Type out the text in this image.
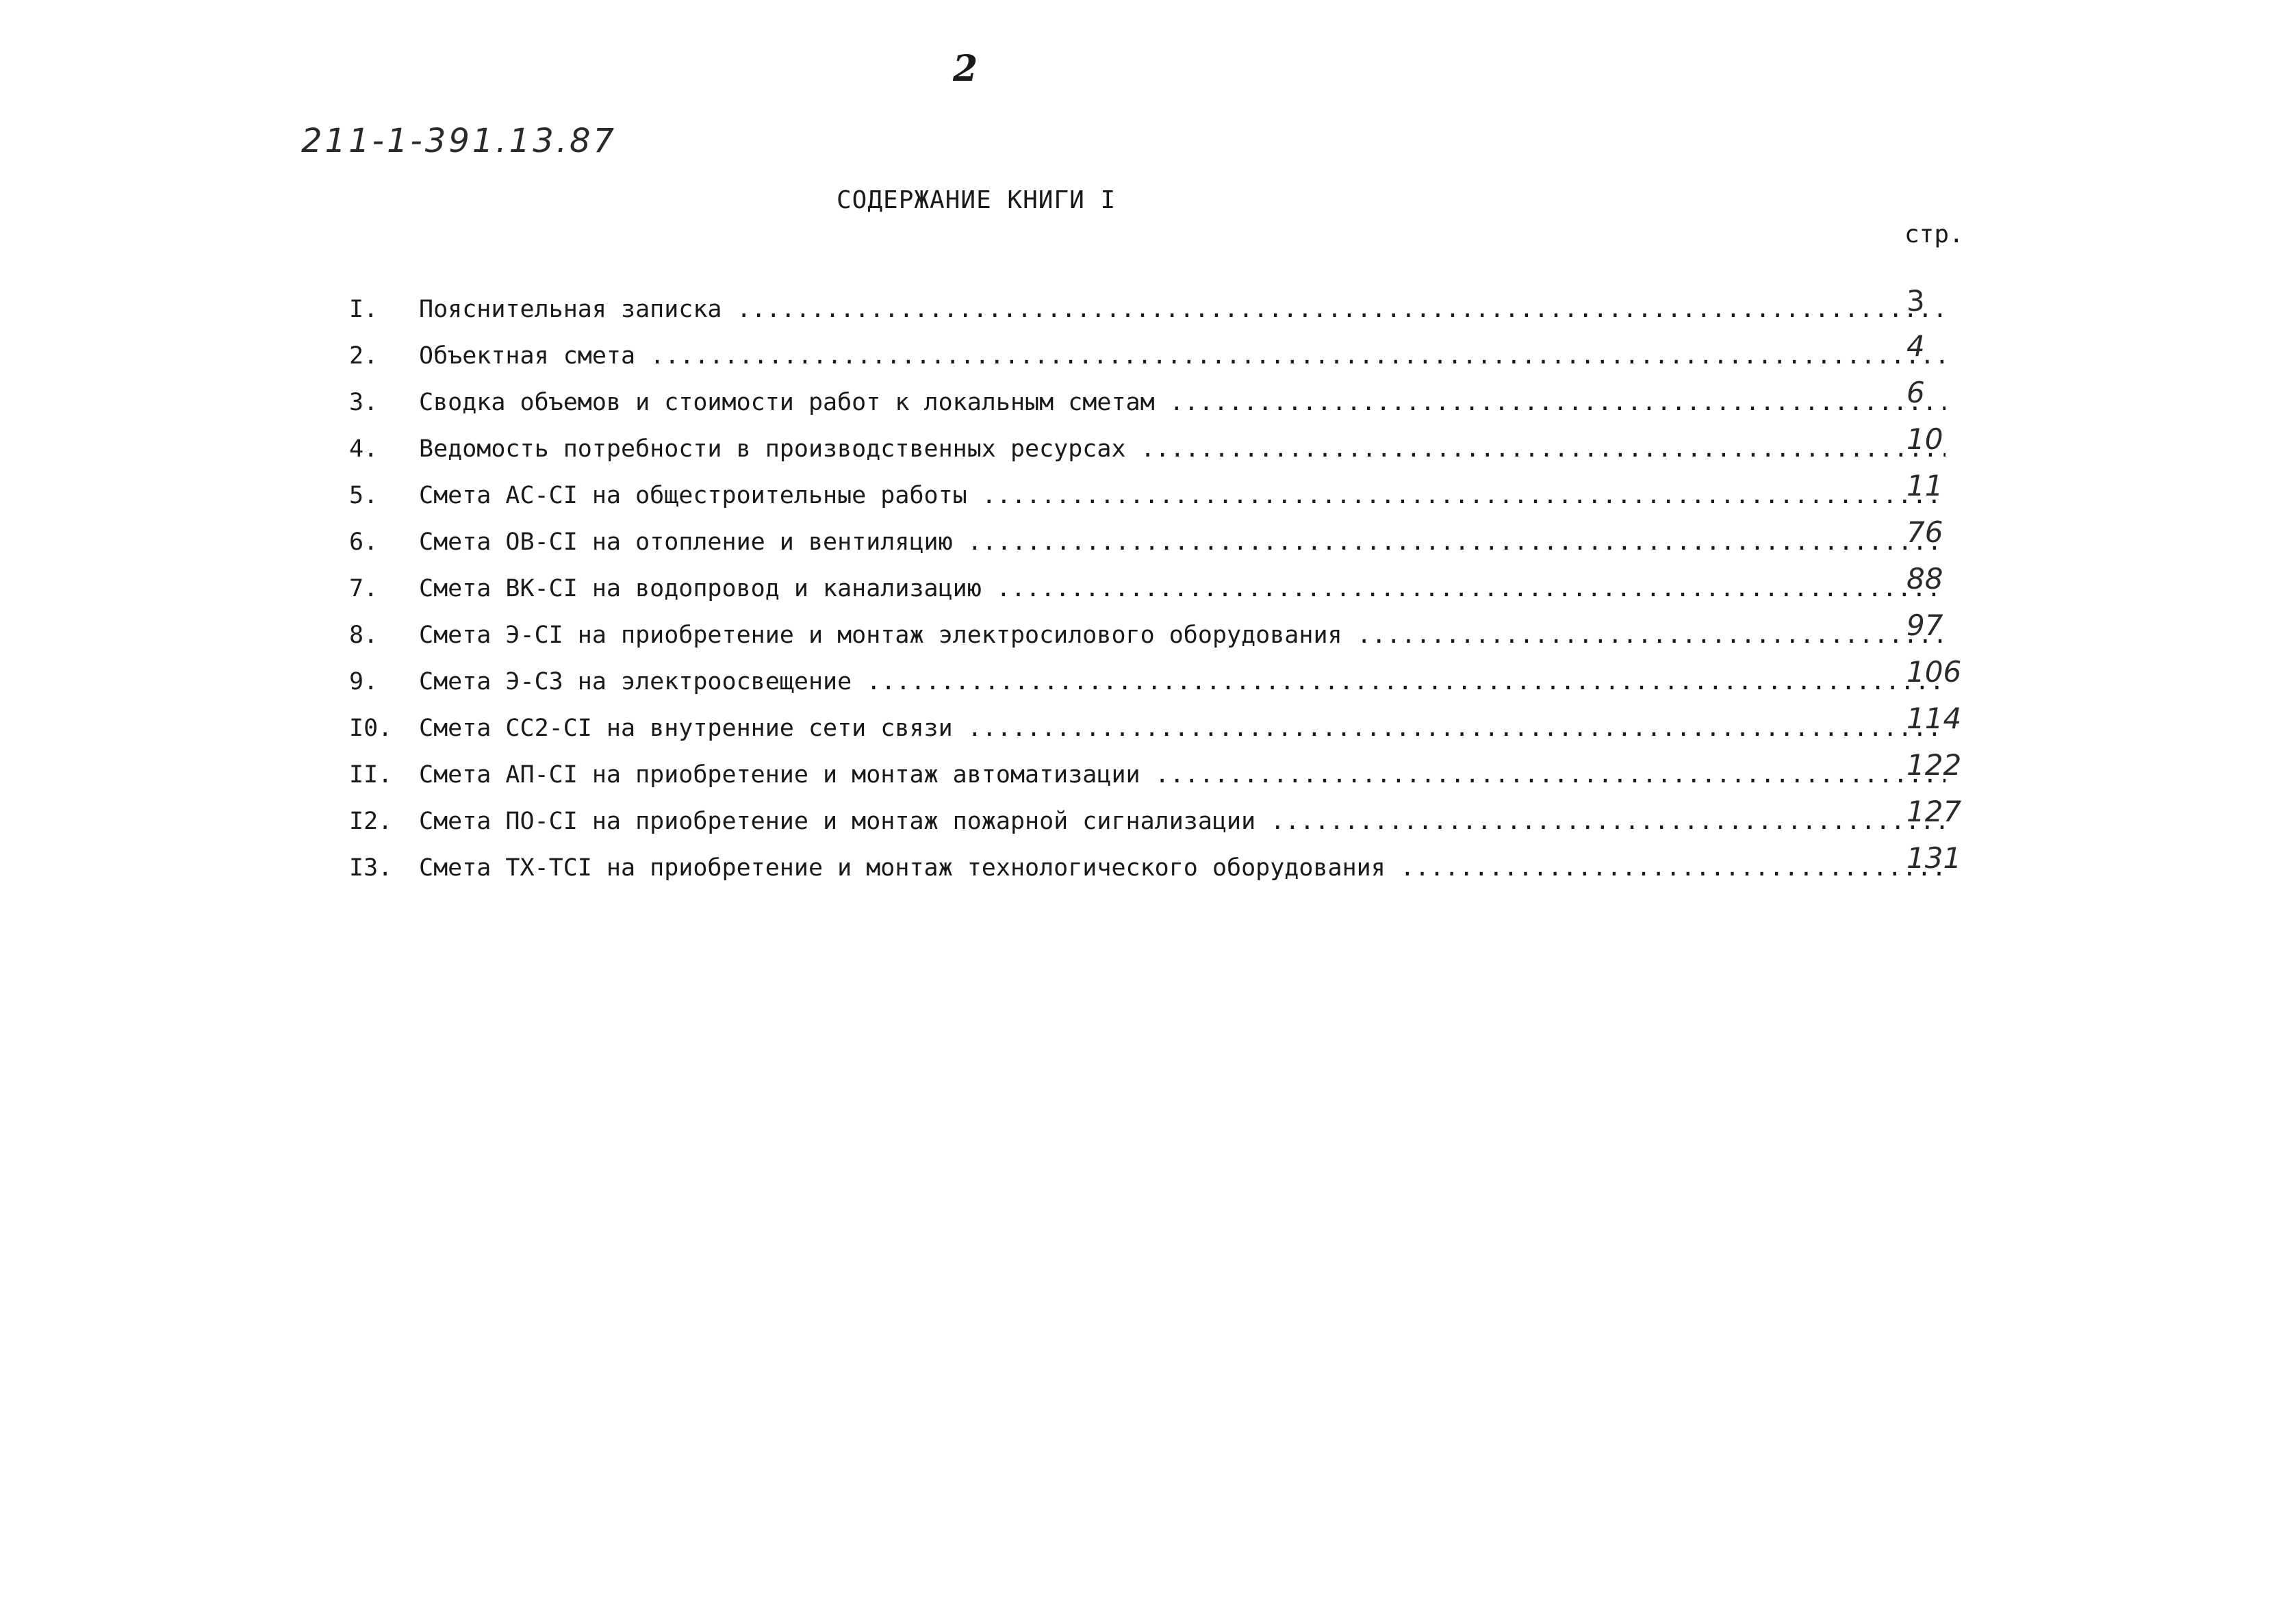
2
211-1-391.13.87
СОДЕРЖАНИЕ КНИГИ I
стр.
I.	Пояснительная записка .....	3
2.	Объектная смета .....	4
3.	Сводка объемов и стоимости работ к локальным сметам .....	6
4.	Ведомость потребности в производственных ресурсах .....	10
5.	Смета АС-СI на общестроительные работы .....	11
6.	Смета ОВ-СI на отопление и вентиляцию .....	76
7.	Смета ВК-СI на водопровод и канализацию .....	88
8.	Смета Э-СI на приобретение и монтаж электросилового оборудования .....	97
9.	Смета Э-С3 на электроосвещение .....	106
I0.	Смета СС2-СI на внутренние сети связи .....	114
II.	Смета АП-СI на приобретение и монтаж автоматизации .....	122
I2.	Смета ПО-СI на приобретение и монтаж пожарной сигнализации .....	127
I3.	Смета ТХ-ТСI на приобретение и монтаж технологического оборудования .....	131
